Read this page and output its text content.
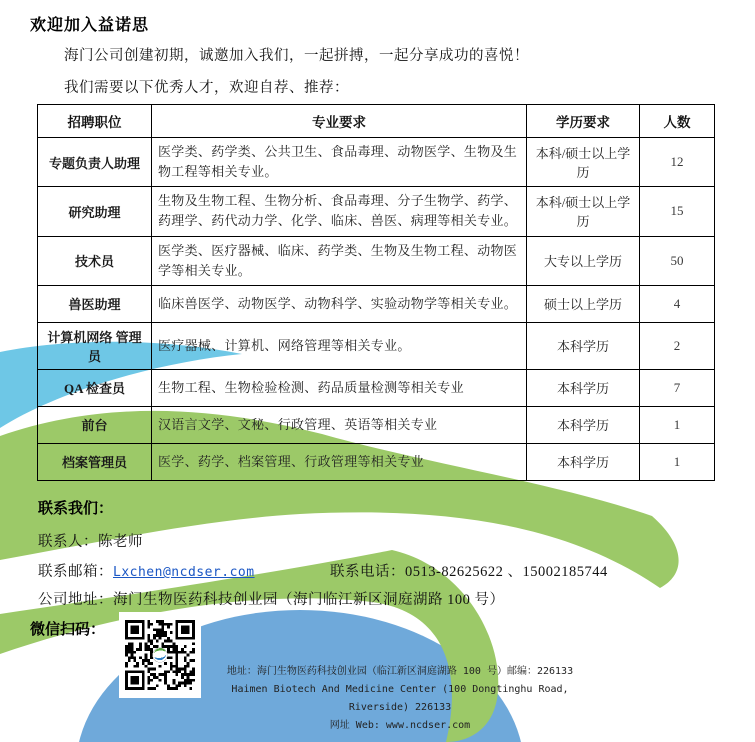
欢迎加入益诺思
海门公司创建初期，诚邀加入我们，一起拼搏，一起分享成功的喜悦！
我们需要以下优秀人才，欢迎自荐、推荐：
招聘职位	专业要求	学历要求	人数
专题负责人助理	医学类、药学类、公共卫生、食品毒理、动物医学、生物及生物工程等相关专业。	本科/硕士以上学历	12
研究助理	生物及生物工程、生物分析、食品毒理、分子生物学、药学、药理学、药代动力学、化学、临床、兽医、病理等相关专业。	本科/硕士以上学历	15
技术员	医学类、医疗器械、临床、药学类、生物及生物工程、动物医学等相关专业。	大专以上学历	50
兽医助理	临床兽医学、动物医学、动物科学、实验动物学等相关专业。	硕士以上学历	4
计算机网络 管理员	医疗器械、计算机、网络管理等相关专业。	本科学历	2
QA 检查员	生物工程、生物检验检测、药品质量检测等相关专业	本科学历	7
前台	汉语言文学、文秘、行政管理、英语等相关专业	本科学历	1
档案管理员	医学、药学、档案管理、行政管理等相关专业	本科学历	1
联系我们：
联系人：陈老师
联系邮箱：Lxchen@ncdser.com	联系电话：0513-82625622 、15002185744
公司地址：海门生物医药科技创业园（海门临江新区洞庭湖路 100 号）
微信扫码：
地址：海门生物医药科技创业园（临江新区洞庭湖路 100 号）邮编：226133
Haimen Biotech And Medicine Center (100 Dongtinghu Road, Riverside) 226133
网址 Web: www.ncdser.com
